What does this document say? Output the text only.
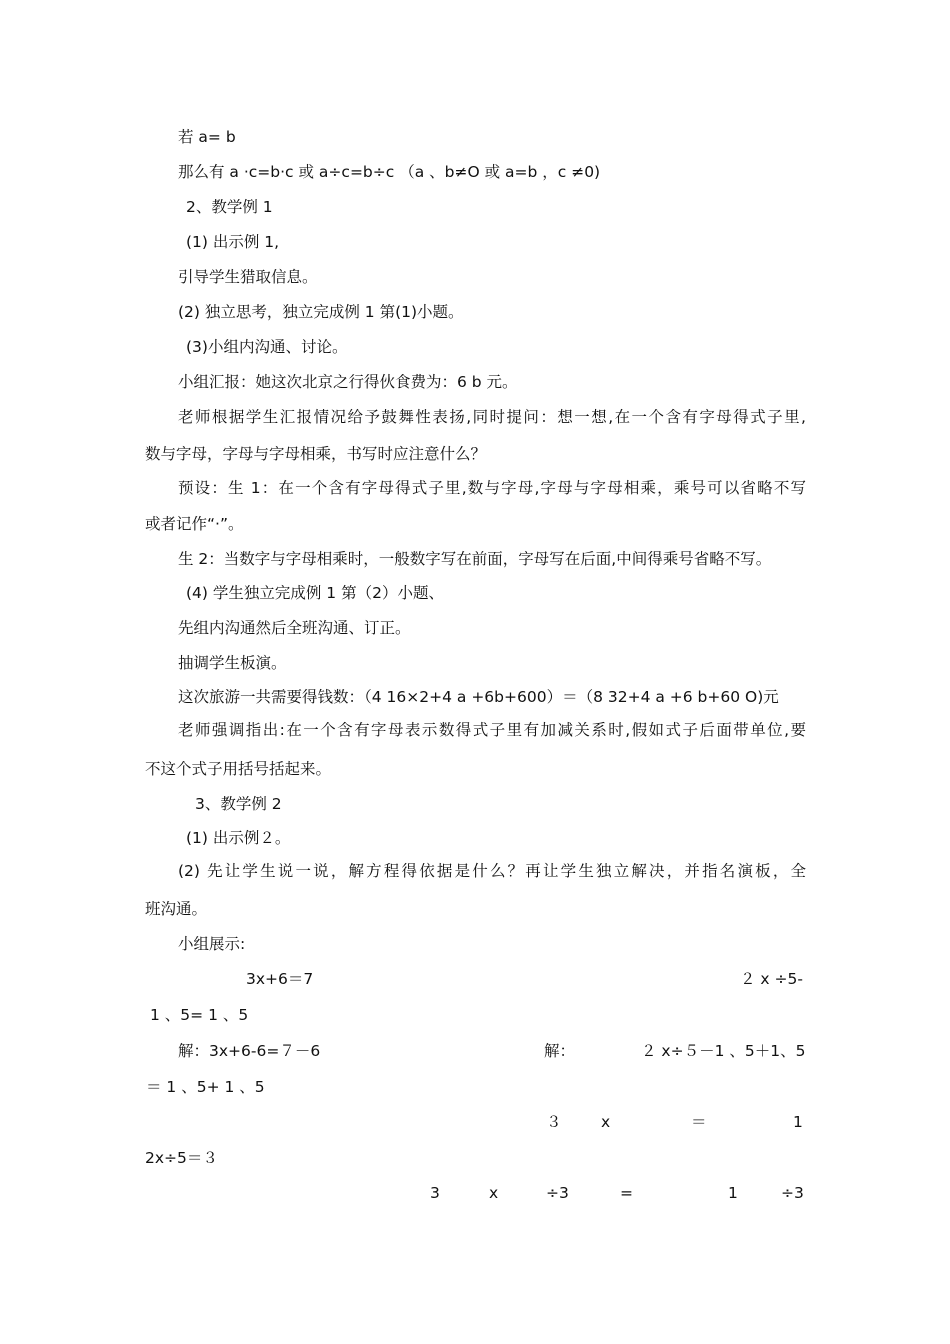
若 a= b
那么有 a ·c=b·c 或 a÷c=b÷c （a 、b≠O 或 a=b ，c ≠0)
2、教学例 1
(1) 出示例 1,
引导学生猎取信息。
(2) 独立思考，独立完成例 1 第(1)小题。
(3)小组内沟通、讨论。
小组汇报：她这次北京之行得伙食费为：6 b 元。
老师根据学生汇报情况给予鼓舞性表扬,同时提问：想一想,在一个含有字母得式子里,
数与字母，字母与字母相乘，书写时应注意什么？
预设：生 1：在一个含有字母得式子里,数与字母,字母与字母相乘，乘号可以省略不写
或者记作“·”。
生 2：当数字与字母相乘时，一般数字写在前面，字母写在后面,中间得乘号省略不写。
(4) 学生独立完成例 1 第（2）小题、
先组内沟通然后全班沟通、订正。
抽调学生板演。
这次旅游一共需要得钱数：（4 16×2+4 a +6b+600）＝（8 32+4 a +6 b+60 O)元
老师强调指出:在一个含有字母表示数得式子里有加减关系时,假如式子后面带单位,要
不这个式子用括号括起来。
3、教学例 2
(1) 出示例２。
(2) 先让学生说一说，解方程得依据是什么？再让学生独立解决，并指名演板，全
班沟通。
小组展示:
3x+6＝7	２ x ÷5-
1 、5= 1 、5
解：3x+6-6=７－6	解：	２ x÷５－1 、5＋1、5
＝ 1 、5+ 1 、5
３	x	＝	1
2x÷5＝３
3	x	÷3	=	1	÷3
